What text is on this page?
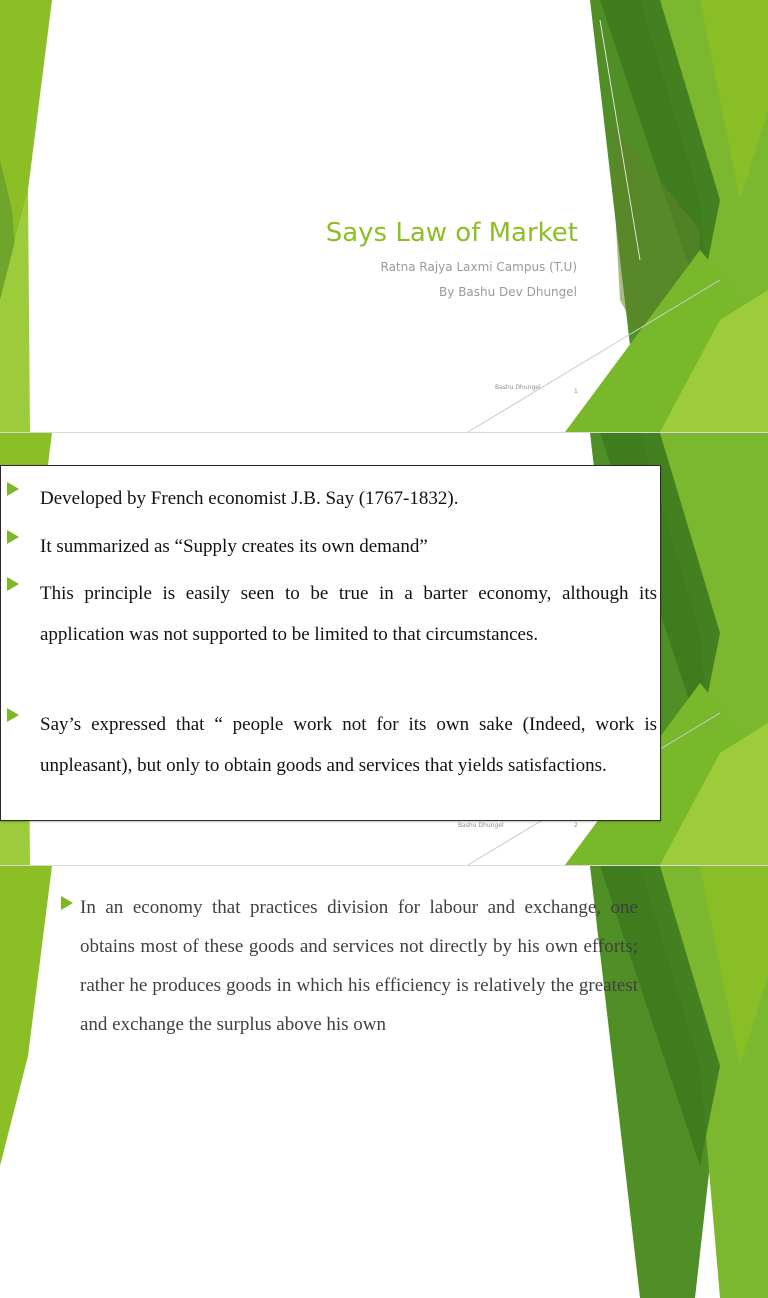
Says Law of Market
Ratna Rajya Laxmi Campus (T.U)
By Bashu Dev Dhungel
Bashu Dhungel
1
Bashu Dhungel	2
Developed by French economist J.B. Say (1767-1832).
It summarized as “Supply creates its own demand”
This principle is easily seen to be true in a barter economy, although its application was not supported to be limited to that circumstances.
Say’s expressed that “ people work not for its own sake (Indeed, work is unpleasant), but only to obtain goods and services that yields satisfactions.
In an economy that practices division for labour and exchange, one obtains most of these goods and services not directly by his own efforts; rather he produces goods in which his efficiency is relatively the greatest and exchange the surplus above his own
